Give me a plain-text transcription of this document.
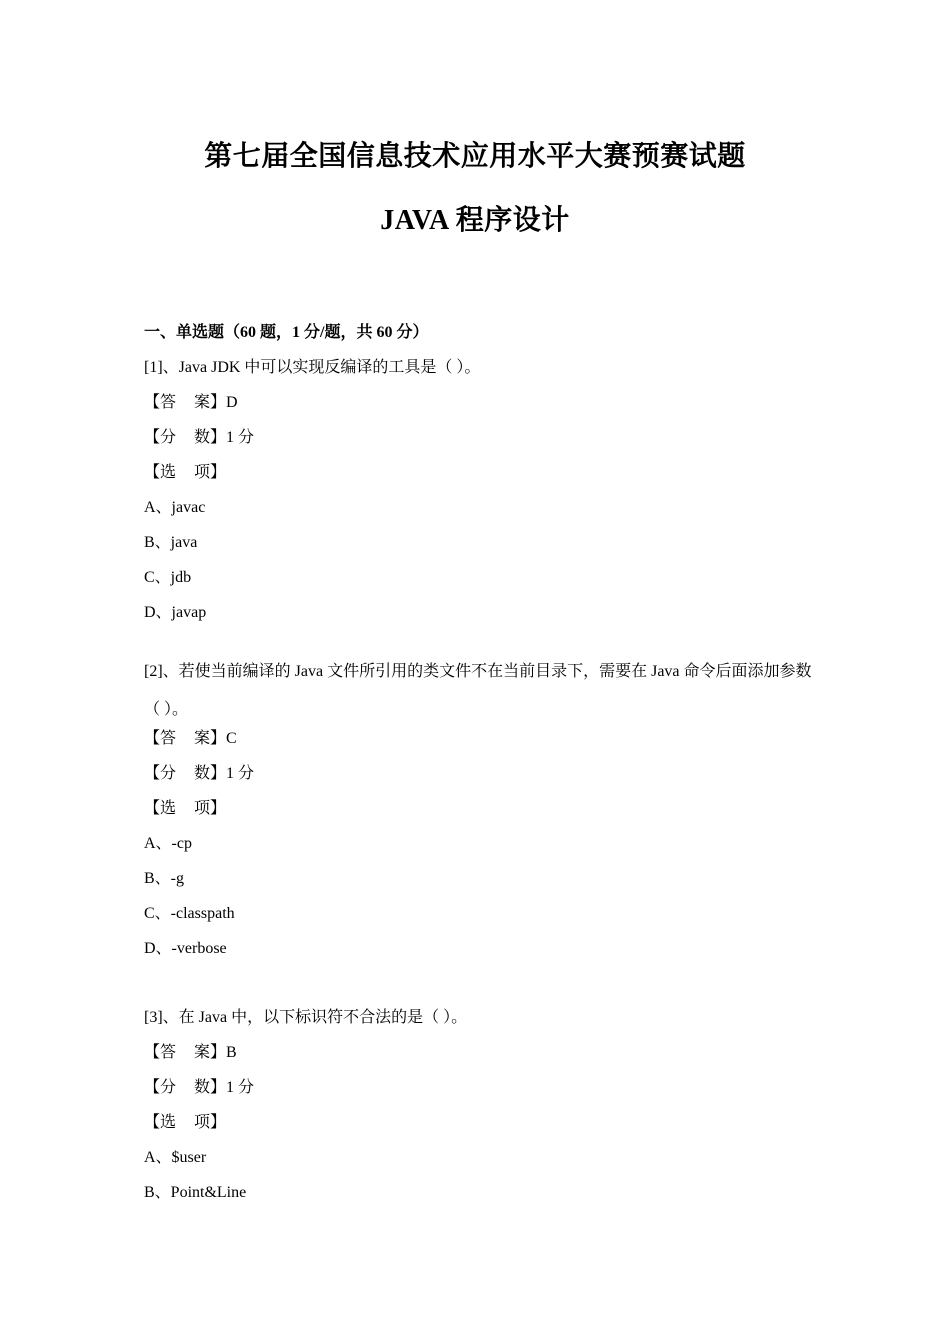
第七届全国信息技术应用水平大赛预赛试题
JAVA 程序设计
一、单选题（60 题，1 分/题，共 60 分）
[1]、Java JDK 中可以实现反编译的工具是（ ）。
【答 案】D
【分 数】1 分
【选 项】
A、javac
B、java
C、jdb
D、javap
[2]、若使当前编译的 Java 文件所引用的类文件不在当前目录下，需要在 Java 命令后面添加参数（ ）。
【答 案】C
【分 数】1 分
【选 项】
A、-cp
B、-g
C、-classpath
D、-verbose
[3]、在 Java 中，以下标识符不合法的是（ ）。
【答 案】B
【分 数】1 分
【选 项】
A、$user
B、Point&Line
